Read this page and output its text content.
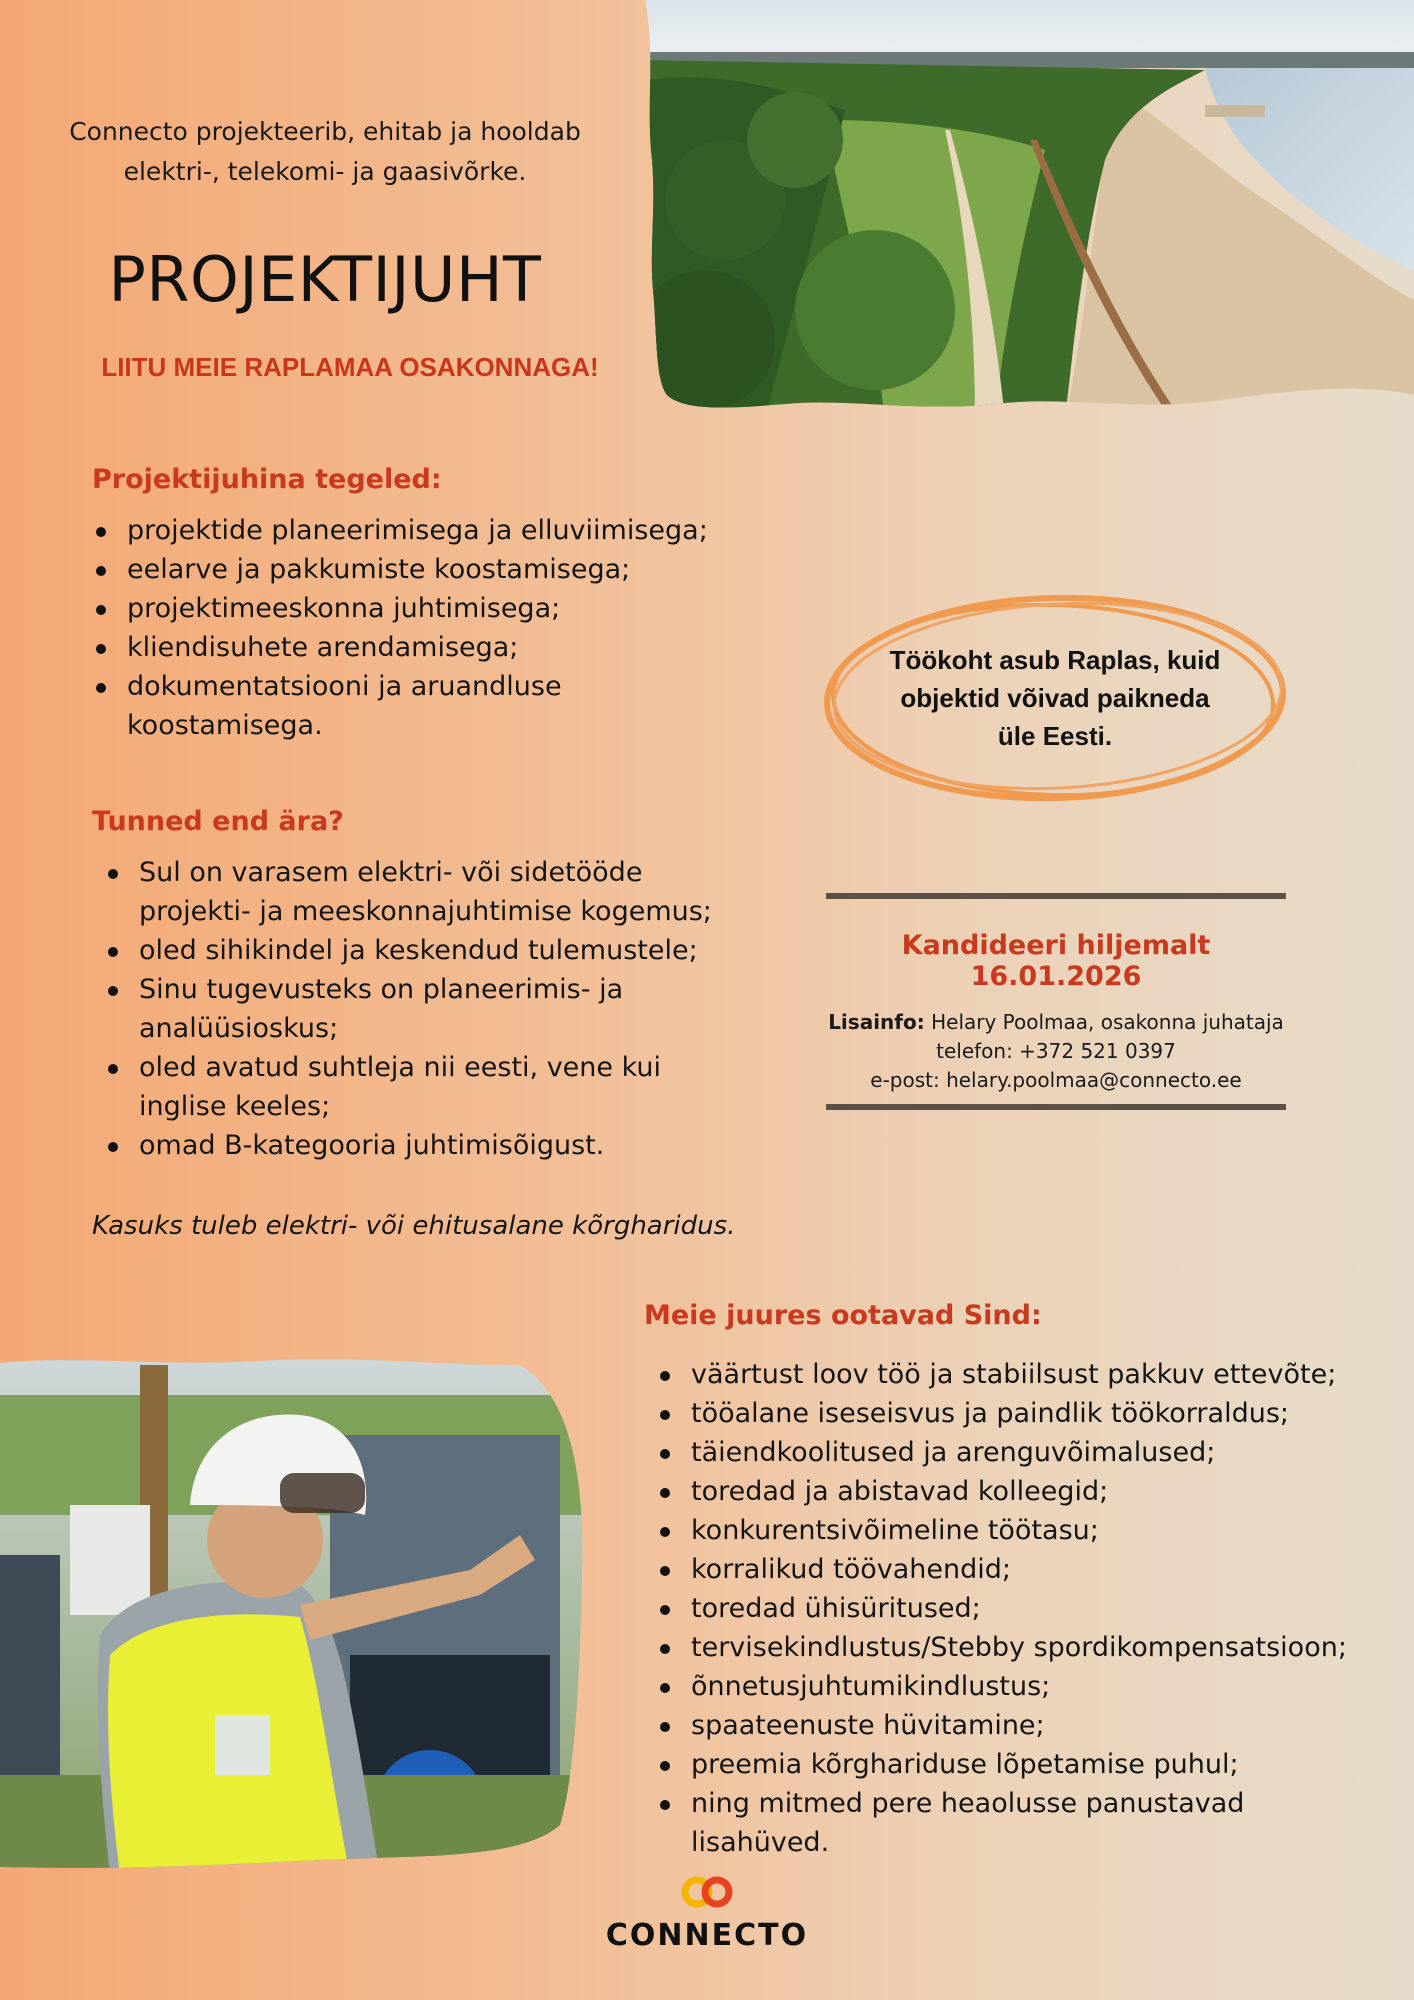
Connecto projekteerib, ehitab ja hooldab
elektri-, telekomi- ja gaasivõrke.
PROJEKTIJUHT
LIITU MEIE RAPLAMAA OSAKONNAGA!
Projektijuhina tegeled:
projektide planeerimisega ja elluviimisega;
eelarve ja pakkumiste koostamisega;
projektimeeskonna juhtimisega;
kliendisuhete arendamisega;
dokumentatsiooni ja aruandluse koostamisega.
Tunned end ära?
Sul on varasem elektri- või sidetööde projekti- ja meeskonnajuhtimise kogemus;
oled sihikindel ja keskendud tulemustele;
Sinu tugevusteks on planeerimis- ja analüüsioskus;
oled avatud suhtleja nii eesti, vene kui inglise keeles;
omad B-kategooria juhtimisõigust.
Kasuks tuleb elektri- või ehitusalane kõrgharidus.
Töökoht asub Raplas, kuid objektid võivad paikneda üle Eesti.
Kandideeri hiljemalt 16.01.2026
Lisainfo: Helary Poolmaa, osakonna juhataja
telefon: +372 521 0397
e-post: helary.poolmaa@connecto.ee
Meie juures ootavad Sind:
väärtust loov töö ja stabiilsust pakkuv ettevõte;
tööalane iseseisvus ja paindlik töökorraldus;
täiendkoolitused ja arenguvõimalused;
toredad ja abistavad kolleegid;
konkurentsivõimeline töötasu;
korralikud töövahendid;
toredad ühisüritused;
tervisekindlustus/Stebby spordikompensatsioon;
õnnetusjuhtumikindlustus;
spaateenuste hüvitamine;
preemia kõrghariduse lõpetamise puhul;
ning mitmed pere heaolusse panustavad lisahüved.
CONNECTO
